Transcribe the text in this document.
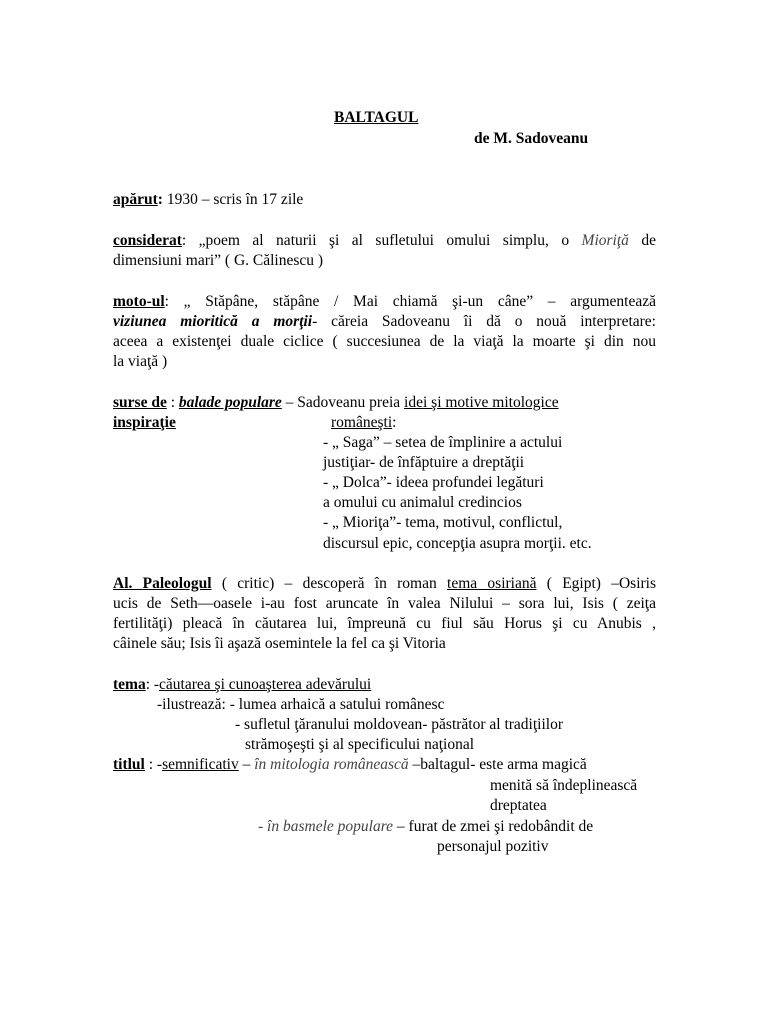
BALTAGUL
de M. Sadoveanu
apărut: 1930 – scris în 17 zile
considerat: „poem al naturii şi al sufletului omului simplu, o Mioriţă de
dimensiuni mari” ( G. Călinescu )
moto-ul: „ Stăpâne, stăpâne / Mai chiamă şi-un câne” – argumentează
viziunea mioritică a morţii- căreia Sadoveanu îi dă o nouă interpretare:
aceea a existenţei duale ciclice ( succesiunea de la viaţă la moarte şi din nou
la viaţă )
surse de : balade populare – Sadoveanu preia idei şi motive mitologice
inspiraţie	româneşti:
- „ Saga” – setea de împlinire a actului
justiţiar- de înfăptuire a dreptăţii
- „ Dolca”- ideea profundei legături
a omului cu animalul credincios
- „ Mioriţa”- tema, motivul, conflictul,
discursul epic, concepţia asupra morţii. etc.
Al. Paleologul ( critic) – descoperă în roman tema osiriană ( Egipt) –Osiris
ucis de Seth—oasele i-au fost aruncate în valea Nilului – sora lui, Isis ( zeiţa
fertilităţi) pleacă în căutarea lui, împreună cu fiul său Horus şi cu Anubis ,
câinele său; Isis îi aşază osemintele la fel ca şi Vitoria
tema: -căutarea şi cunoaşterea adevărului
-ilustrează: - lumea arhaică a satului românesc
- sufletul ţăranului moldovean- păstrător al tradiţiilor
strămoşeşti şi al specificului naţional
titlul : -semnificativ – în mitologia românească –baltagul- este arma magică
menită să îndeplinească
dreptatea
- în basmele populare – furat de zmei şi redobândit de
personajul pozitiv
